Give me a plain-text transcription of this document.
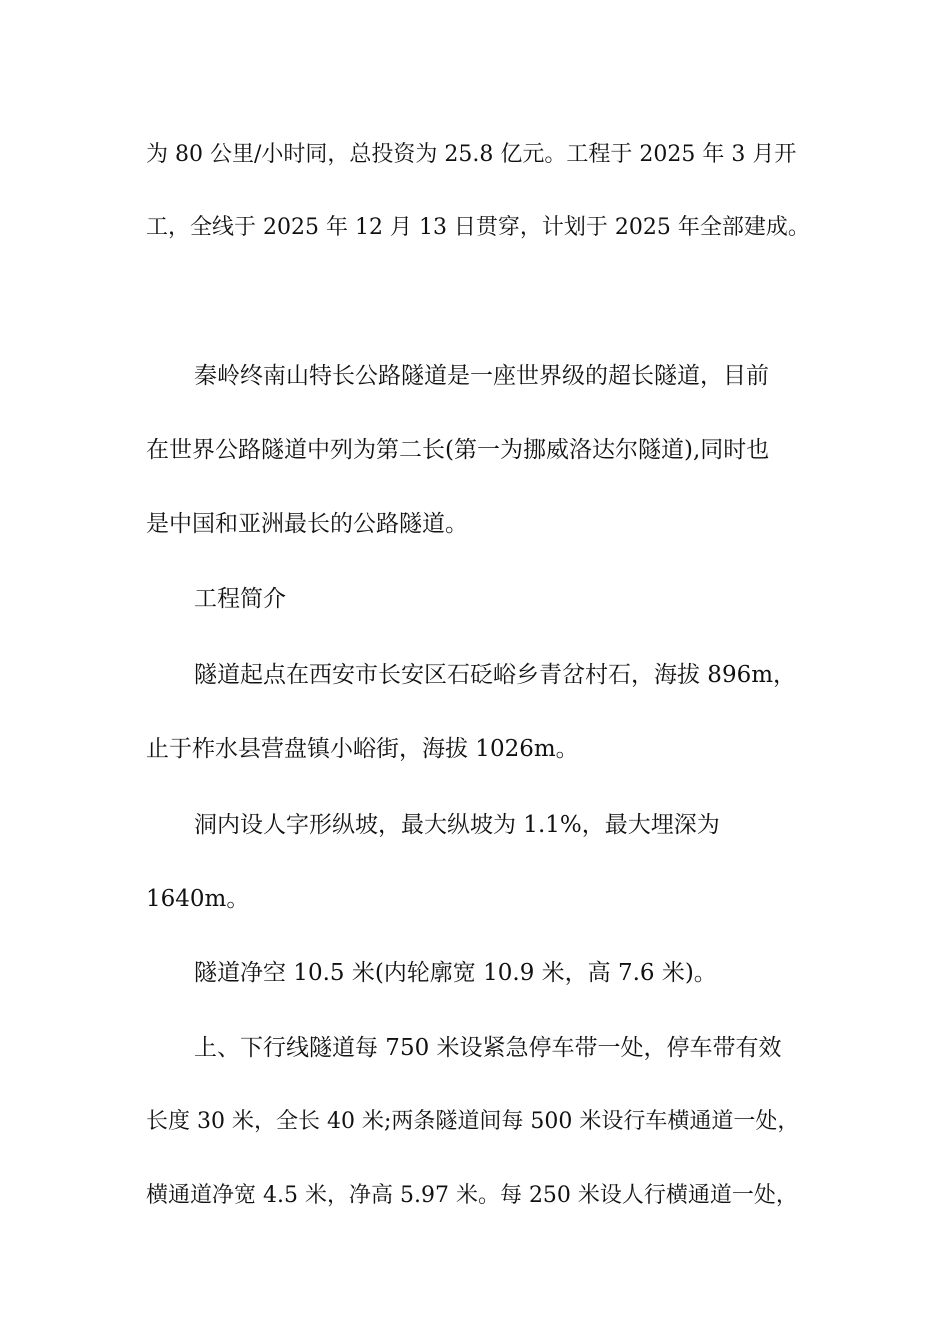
为 80 公里/小时同，总投资为 25.8 亿元。工程于 2025 年 3 月开
工，全线于 2025 年 12 月 13 日贯穿，计划于 2025 年全部建成。
秦岭终南山特长公路隧道是一座世界级的超长隧道，目前
在世界公路隧道中列为第二长(第一为挪威洛达尔隧道),同时也
是中国和亚洲最长的公路隧道。
工程简介
隧道起点在西安市长安区石砭峪乡青岔村石，海拔 896m，
止于柞水县营盘镇小峪街，海拔 1026m。
洞内设人字形纵坡，最大纵坡为 1.1%，最大埋深为
1640m。
隧道净空 10.5 米(内轮廓宽 10.9 米，高 7.6 米)。
上、下行线隧道每 750 米设紧急停车带一处，停车带有效
长度 30 米，全长 40 米;两条隧道间每 500 米设行车横通道一处，
横通道净宽 4.5 米，净高 5.97 米。每 250 米设人行横通道一处，
